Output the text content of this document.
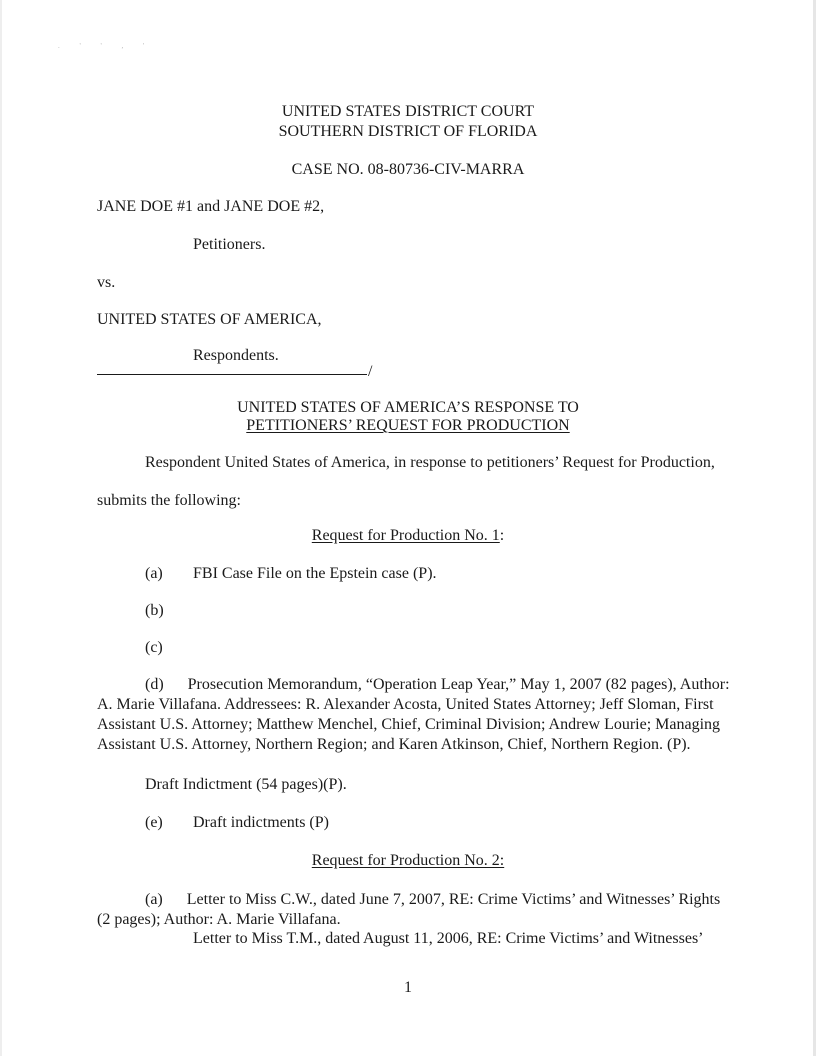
. ' ' , '
UNITED STATES DISTRICT COURT
SOUTHERN DISTRICT OF FLORIDA
CASE NO. 08-80736-CIV-MARRA
JANE DOE #1 and JANE DOE #2,
Petitioners.
vs.
UNITED STATES OF AMERICA,
Respondents.
/
UNITED STATES OF AMERICA’S RESPONSE TO
PETITIONERS’ REQUEST FOR PRODUCTION
Respondent United States of America, in response to petitioners’ Request for Production,
submits the following:
Request for Production No. 1:
(a) FBI Case File on the Epstein case (P).
(b)
(c)
(d) Prosecution Memorandum, “Operation Leap Year,” May 1, 2007 (82 pages), Author: A. Marie Villafana. Addressees: R. Alexander Acosta, United States Attorney; Jeff Sloman, First Assistant U.S. Attorney; Matthew Menchel, Chief, Criminal Division; Andrew Lourie; Managing Assistant U.S. Attorney, Northern Region; and Karen Atkinson, Chief, Northern Region. (P).
Draft Indictment (54 pages)(P).
(e) Draft indictments (P)
Request for Production No. 2:
(a) Letter to Miss C.W., dated June 7, 2007, RE: Crime Victims’ and Witnesses’ Rights (2 pages); Author: A. Marie Villafana.
Letter to Miss T.M., dated August 11, 2006, RE: Crime Victims’ and Witnesses’
1
